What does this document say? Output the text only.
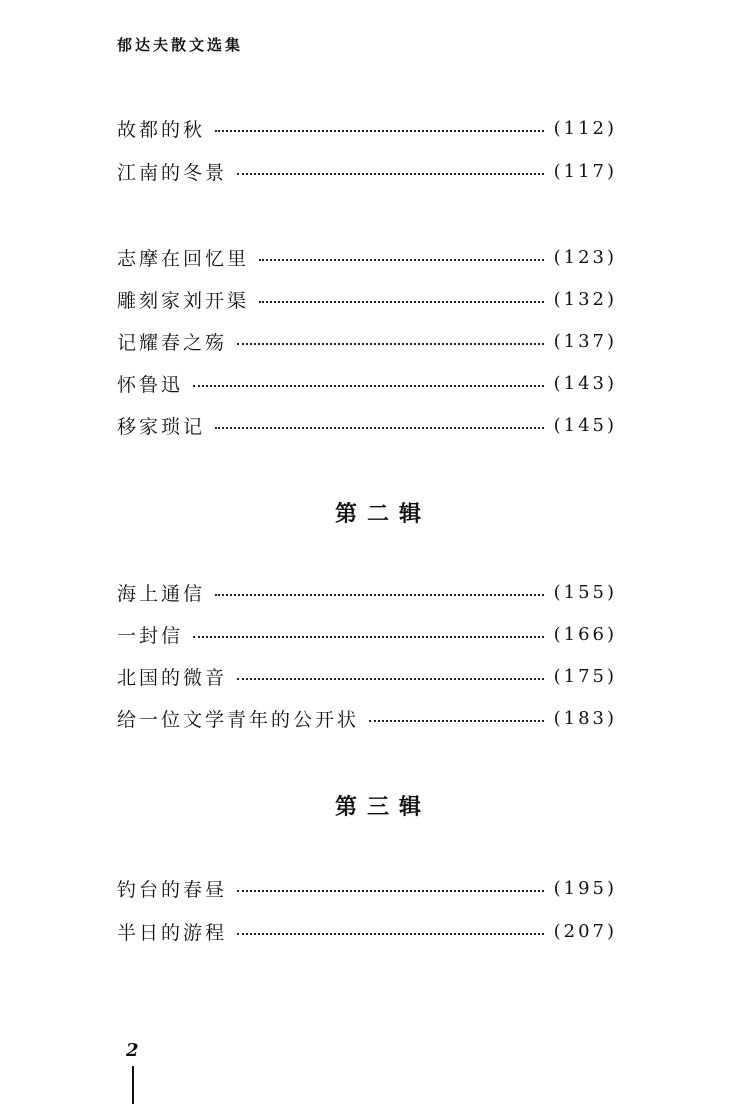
郁达夫散文选集
故都的秋	(112)
江南的冬景	(117)
志摩在回忆里	(123)
雕刻家刘开渠	(132)
记耀春之殇	(137)
怀鲁迅	(143)
移家琐记	(145)
第二辑
海上通信	(155)
一封信	(166)
北国的微音	(175)
给一位文学青年的公开状	(183)
第三辑
钓台的春昼	(195)
半日的游程	(207)
2
